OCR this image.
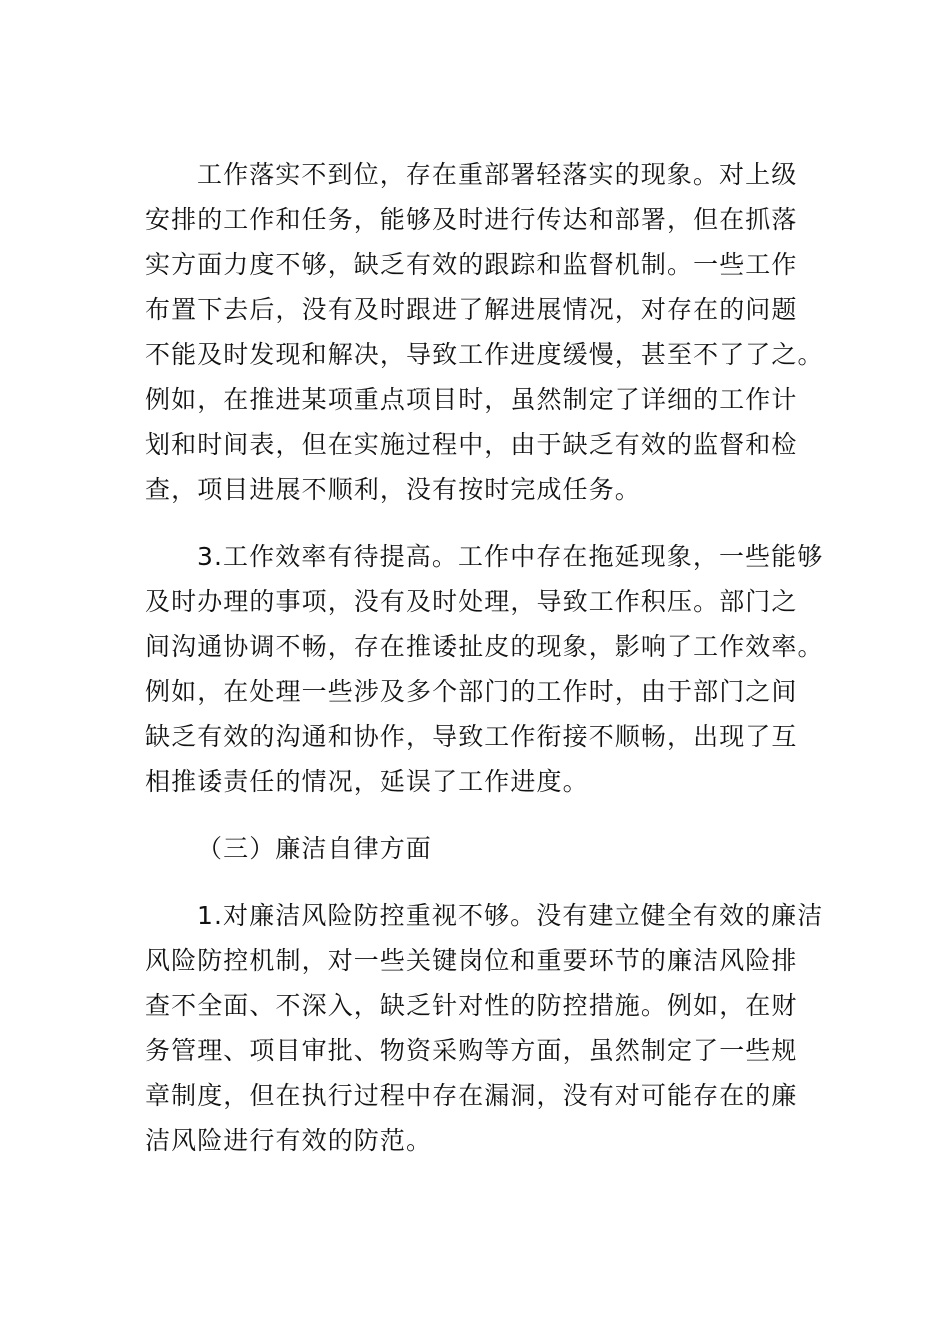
工作落实不到位，存在重部署轻落实的现象。对上级
安排的工作和任务，能够及时进行传达和部署，但在抓落
实方面力度不够，缺乏有效的跟踪和监督机制。一些工作
布置下去后，没有及时跟进了解进展情况，对存在的问题
不能及时发现和解决，导致工作进度缓慢，甚至不了了之。
例如，在推进某项重点项目时，虽然制定了详细的工作计
划和时间表，但在实施过程中，由于缺乏有效的监督和检
查，项目进展不顺利，没有按时完成任务。
3.工作效率有待提高。工作中存在拖延现象，一些能够
及时办理的事项，没有及时处理，导致工作积压。部门之
间沟通协调不畅，存在推诿扯皮的现象，影响了工作效率。
例如，在处理一些涉及多个部门的工作时，由于部门之间
缺乏有效的沟通和协作，导致工作衔接不顺畅，出现了互
相推诿责任的情况，延误了工作进度。
（三）廉洁自律方面
1.对廉洁风险防控重视不够。没有建立健全有效的廉洁
风险防控机制，对一些关键岗位和重要环节的廉洁风险排
查不全面、不深入，缺乏针对性的防控措施。例如，在财
务管理、项目审批、物资采购等方面，虽然制定了一些规
章制度，但在执行过程中存在漏洞，没有对可能存在的廉
洁风险进行有效的防范。
